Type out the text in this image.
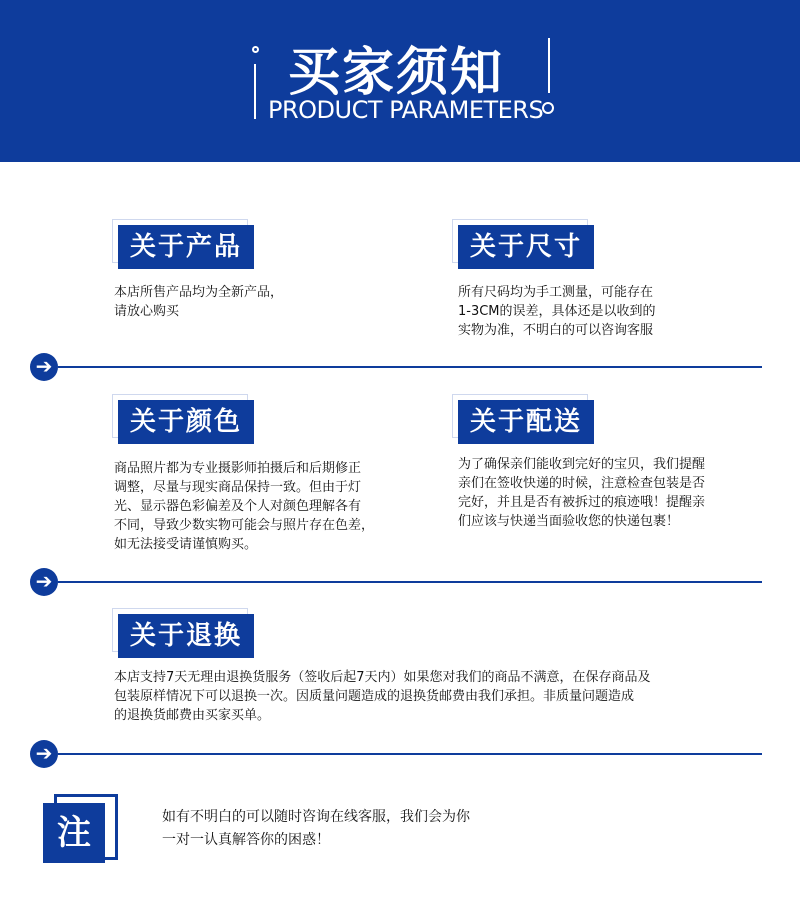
买家须知
PRODUCT PARAMETERS
关于产品
本店所售产品均为全新产品，
请放心购买
关于尺寸
所有尺码均为手工测量，可能存在
1-3CM的误差，具体还是以收到的
实物为准，不明白的可以咨询客服
➔
关于颜色
商品照片都为专业摄影师拍摄后和后期修正
调整，尽量与现实商品保持一致。但由于灯
光、显示器色彩偏差及个人对颜色理解各有
不同，导致少数实物可能会与照片存在色差，
如无法接受请谨慎购买。
关于配送
为了确保亲们能收到完好的宝贝，我们提醒
亲们在签收快递的时候，注意检查包装是否
完好，并且是否有被拆过的痕迹哦！提醒亲
们应该与快递当面验收您的快递包裹！
➔
关于退换
本店支持7天无理由退换货服务（签收后起7天内）如果您对我们的商品不满意，在保存商品及
包装原样情况下可以退换一次。因质量问题造成的退换货邮费由我们承担。非质量问题造成
的退换货邮费由买家买单。
➔
注	如有不明白的可以随时咨询在线客服，我们会为你
一对一认真解答你的困惑！
